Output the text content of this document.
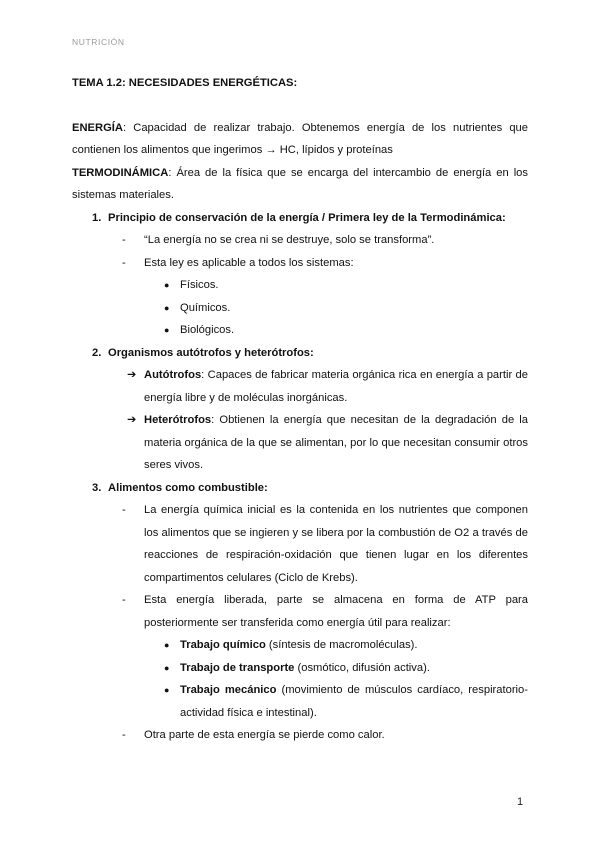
NUTRICIÓN

TEMA 1.2: NECESIDADES ENERGÉTICAS:

ENERGÍA: Capacidad de realizar trabajo. Obtenemos energía de los nutrientes que contienen los alimentos que ingerimos → HC, lípidos y proteínas

TERMODINÁMICA: Área de la física que se encarga del intercambio de energía en los sistemas materiales.

1. Principio de conservación de la energía / Primera ley de la Termodinámica:
- “La energía no se crea ni se destruye, solo se transforma”.
- Esta ley es aplicable a todos los sistemas:
● Físicos.
● Químicos.
● Biológicos.
2. Organismos autótrofos y heterótrofos:
➔ Autótrofos: Capaces de fabricar materia orgánica rica en energía a partir de energía libre y de moléculas inorgánicas.
➔ Heterótrofos: Obtienen la energía que necesitan de la degradación de la materia orgánica de la que se alimentan, por lo que necesitan consumir otros seres vivos.
3. Alimentos como combustible:
- La energía química inicial es la contenida en los nutrientes que componen los alimentos que se ingieren y se libera por la combustión de O2 a través de reacciones de respiración-oxidación que tienen lugar en los diferentes compartimentos celulares (Ciclo de Krebs).
- Esta energía liberada, parte se almacena en forma de ATP para posteriormente ser transferida como energía útil para realizar:
● Trabajo químico (síntesis de macromoléculas).
● Trabajo de transporte (osmótico, difusión activa).
● Trabajo mecánico (movimiento de músculos cardíaco, respiratorio-actividad física e intestinal).
- Otra parte de esta energía se pierde como calor.
1
